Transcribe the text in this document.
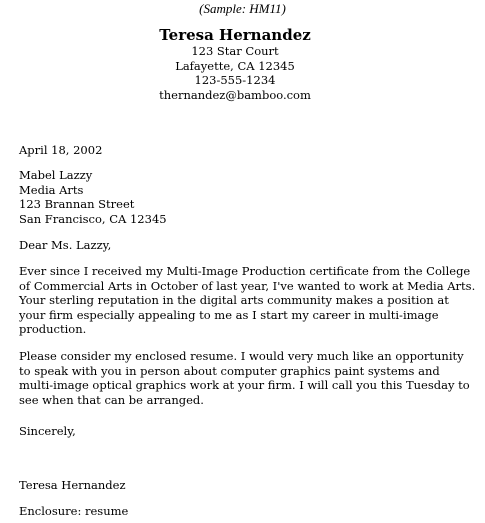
(Sample: HM11)
Teresa Hernandez
123 Star Court
Lafayette, CA 12345
123-555-1234
thernandez@bamboo.com
April 18, 2002
Mabel Lazzy
Media Arts
123 Brannan Street
San Francisco, CA 12345
Dear Ms. Lazzy,
Ever since I received my Multi-Image Production certificate from the College
of Commercial Arts in October of last year, I've wanted to work at Media Arts.
Your sterling reputation in the digital arts community makes a position at
your firm especially appealing to me as I start my career in multi-image
production.
Please consider my enclosed resume. I would very much like an opportunity
to speak with you in person about computer graphics paint systems and
multi-image optical graphics work at your firm. I will call you this Tuesday to
see when that can be arranged.
Sincerely,
Teresa Hernandez
Enclosure: resume
